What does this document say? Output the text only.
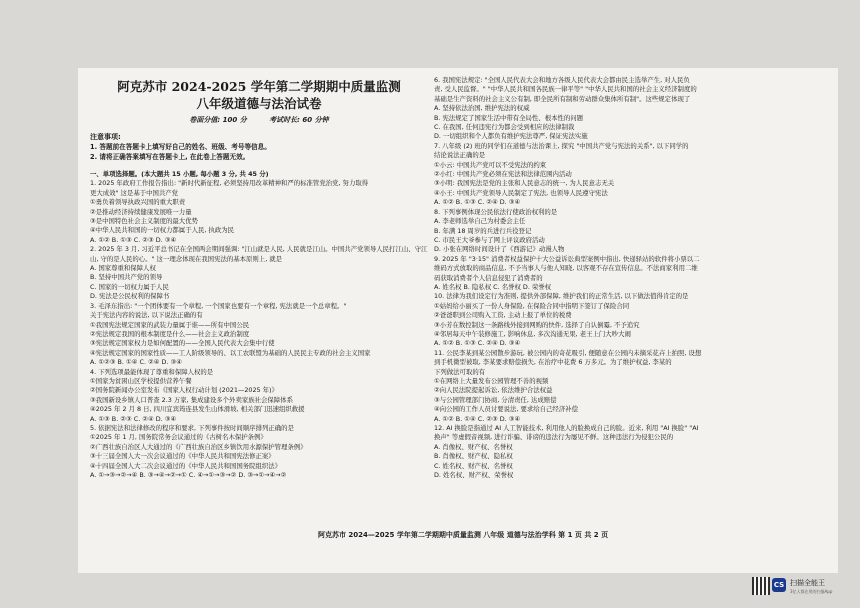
阿克苏市 2024-2025 学年第二学期期中质量监测
八年级道德与法治试卷
卷面分值: 100 分	考试时长: 60 分钟
注意事项:
1. 答题前在答题卡上填写好自己的姓名、班级、考号等信息。
2. 请将正确答案填写在答题卡上, 在此卷上答题无效。
一、单项选择题。(本大题共 15 小题, 每小题 3 分, 共 45 分)
1. 2025 年政府工作报告指出: "新时代新征程, 必须坚持用改革精神和严的标准管党治党, 努力取得
更大成效" 这是基于中国共产党
①勇负着领导执政兴国的重大职责
②是推动经济持续健康发展唯一力量
③是中国特色社会主义制度的最大优势
④中华人民共和国的一切权力都属于人民, 执政为民
A. ①② B. ①③ C. ②③ D. ③④
2. 2025 年 3 月, 习近平总书记在全国两会期间强调: "江山就是人民, 人民就是江山。中国共产党领导人民打江山、守江
山, 守的是人民的心。" 这一理念体现在我国宪法的基本原则上, 就是
A. 国家尊重和保障人权
B. 坚持中国共产党的领导
C. 国家的一切权力属于人民
D. 宪法是公民权利的保障书
3. 毛泽东指出: "一个团体要有一个章程, 一个国家也要有一个章程, 宪法就是一个总章程。"
关于宪法内容的说法, 以下说法正确的有
①我国宪法规定国家的武装力量属于谁——所有中国公民
②宪法规定我国的根本制度是什么——社会主义政治制度
③宪法规定国家权力是如何配置的——全国人民代表大会集中行使
④宪法规定国家的国家性质——工人阶级领导的、以工农联盟为基础的人民民主专政的社会主义国家
A. ①②③ B. ①④ C. ②④ D. ③④
4. 下列选项最能体现了尊重和保障人权的是
①国家为贫困山区学校提供营养午餐
②国务院新闻办公室发布《国家人权行动计划 (2021—2025 年)》
③我国新设乡镇人口普查 2.3 万家, 集成建设多个外卖家族社会保障体系
④2025 年 2 月 8 日, 四川宜宾筠连县发生山体滑坡, 相关部门迅速组织救援
A. ①③ B. ②③ C. ②④ D. ③④
5. 依据宪法和法律修改的程序和要求, 下列事件按时间顺序排列正确的是
①2025 年 1 月, 国务院常务会议通过的《古树名木保护条例》
②广西壮族自治区人大通过的《广西壮族自治区乡镇饮用水源保护管理条例》
③十三届全国人大一次会议通过的《中华人民共和国宪法修正案》
④十四届全国人大二次会议通过的《中华人民共和国国务院组织法》
A. ①→③→②→④ B. ③→④→②→① C. ④→①→③→② D. ③→①→④→②
6. 我国宪法规定: "全国人民代表大会和地方各级人民代表大会都由民主选举产生, 对人民负
责, 受人民监督。" "中华人民共和国各民族一律平等" "中华人民共和国的社会主义经济制度的
基础是生产资料的社会主义公有制, 即全民所有制和劳动群众集体所有制"。这些规定体现了
A. 坚持依法治国, 维护宪法的权威
B. 宪法规定了国家生活中带有全局性、根本性的问题
C. 在我国, 任何违宪行为都会受到相应的法律制裁
D. 一切组织和个人都负有维护宪法尊严, 保证宪法实施
7. 八年级 (2) 班的同学们在道德与法治课上, 探究 "中国共产党与宪法的关系", 以下同学的
结论说法正确的是
①小云: 中国共产党可以不受宪法的约束
②小红: 中国共产党必须在宪法和法律范围内活动
③小明: 我国宪法是党的主张和人民意志的统一, 为人民意志无关
④小王: 中国共产党领导人民制定了宪法, 也领导人民遵守宪法
A. ①② B. ①③ C. ②④ D. ③④
8. 下列事例体现公民依法行使政治权利的是
A. 李老师选举自己为村委会主任
B. 年满 18 周岁的兵进行兵役登记
C. 市民王大爷参与了网上评议政府活动
D. 小张在网络时间设计了《西游记》动漫人物
9. 2025 年 "3·15" 消费者权益保护十大公益诉讼典型案例中指出, 快递驿站的软件将小票以二
维码方式放取的商品信息, 不予当事人与他人知晓, 以客观不存在宣传信息。不法商家利用二维
码获取消费者个人信息侵犯了消费者的
A. 姓名权 B. 隐私权 C. 名誉权 D. 荣誉权
10. 法律为我们设定行为准则, 提供外部保障, 维护我们的正常生活, 以下做法值得肯定的是
①姑妈给小丽买了一份人身保险, 在保险合同中指明下签订了保险合同
②爸爸职到公司购入工资, 主动上报了单位的税费
③小芳在数控制这一条路线外接到网购的快件, 选择了自认倒霉, 不予追究
④邻居每天中午装修施工, 影响休息, 多次沟通无果, 老王上门大吵大闹
A. ①② B. ①③ C. ②④ D. ③④
11. 公民李某到某公园散步游玩, 被公园内的奇花吸引, 便随意在公园内未摘采花卉上拍照, 设想
到手机微型被取, 李某要求赔偿损失, 在治疗中花费 6 万多元。为了维护权益, 李某的
下列做法可取的有
①在网络上大量发布公园管理不善的视频
②向人民法院提起诉讼, 依法维护合法权益
③与公园管理部门协商, 分清责任, 达成赔偿
④向公园的工作人员讨要说法, 要求给自己经济补偿
A. ①② B. ①④ C. ②③ D. ③④
12. AI 换脸是指通过 AI 人工智能技术, 利用他人的脸换成自己的脸。近来, 利用 "AI 换脸" "AI
换声" 等虚假音视频, 进行诈骗、诽谤的违法行为屡见不鲜。这种违法行为侵犯公民的
A. 肖像权、财产权、名誉权
B. 肖像权、财产权、隐私权
C. 姓名权、财产权、名誉权
D. 姓名权、财产权、荣誉权
阿克苏市 2024—2025 学年第二学期期中质量监测 八年级 道德与法治学科 第 1 页 共 2 页
CS 扫描全能王
3亿人都在用的扫描App
